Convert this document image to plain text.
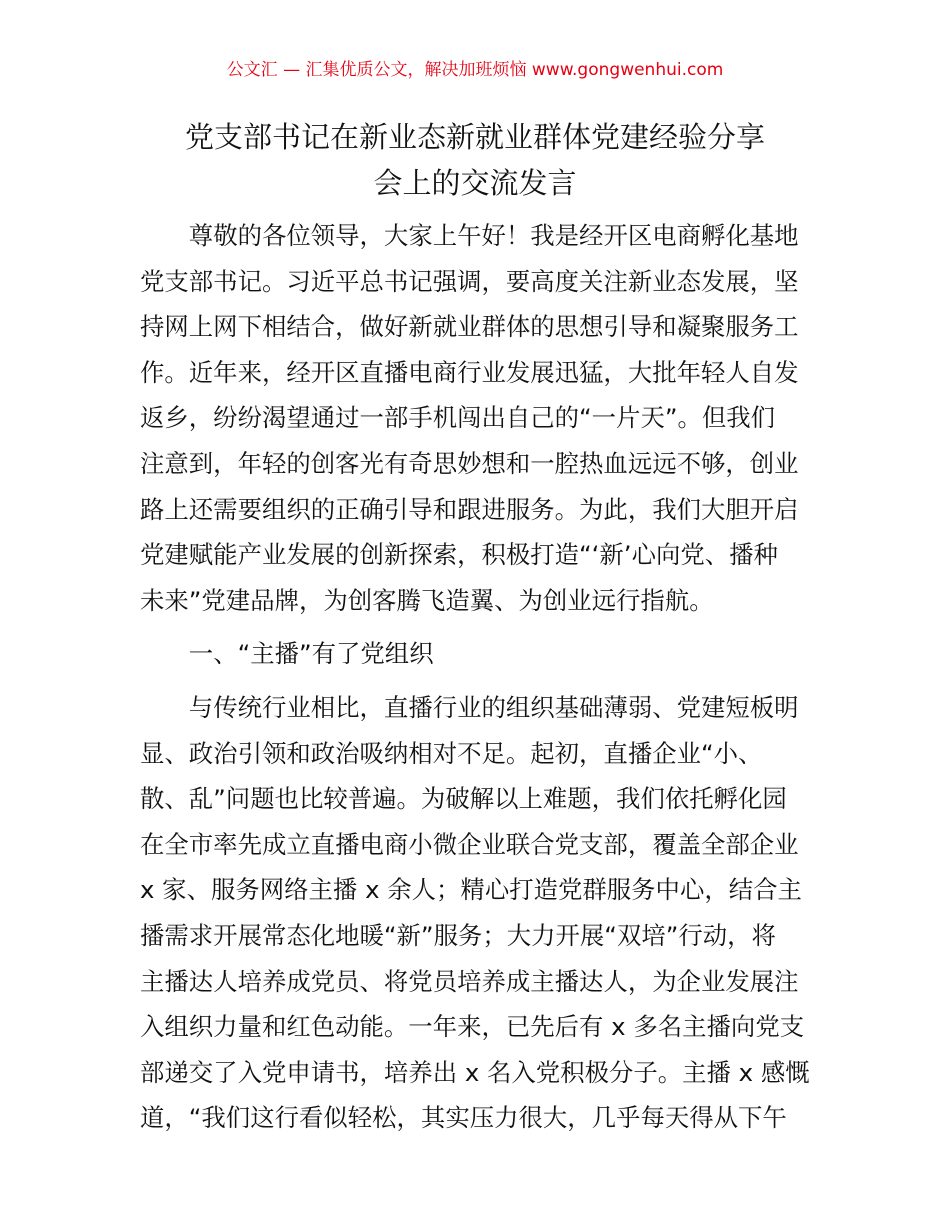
公文汇 — 汇集优质公文，解决加班烦恼 www.gongwenhui.com
党支部书记在新业态新就业群体党建经验分享
会上的交流发言

尊敬的各位领导，大家上午好！我是经开区电商孵化基地
党支部书记。习近平总书记强调，要高度关注新业态发展，坚
持网上网下相结合，做好新就业群体的思想引导和凝聚服务工
作。近年来，经开区直播电商行业发展迅猛，大批年轻人自发
返乡，纷纷渴望通过一部手机闯出自己的“一片天”。但我们
注意到，年轻的创客光有奇思妙想和一腔热血远远不够，创业
路上还需要组织的正确引导和跟进服务。为此，我们大胆开启
党建赋能产业发展的创新探索，积极打造“‘新’心向党、播种
未来”党建品牌，为创客腾飞造翼、为创业远行指航。

一、“主播”有了党组织

与传统行业相比，直播行业的组织基础薄弱、党建短板明
显、政治引领和政治吸纳相对不足。起初，直播企业“小、
散、乱”问题也比较普遍。为破解以上难题，我们依托孵化园
在全市率先成立直播电商小微企业联合党支部，覆盖全部企业
x 家、服务网络主播 x 余人；精心打造党群服务中心，结合主
播需求开展常态化地暖“新”服务；大力开展“双培”行动，将
主播达人培养成党员、将党员培养成主播达人，为企业发展注
入组织力量和红色动能。一年来，已先后有 x 多名主播向党支
部递交了入党申请书，培养出 x 名入党积极分子。主播 x 感慨
道，“我们这行看似轻松，其实压力很大，几乎每天得从下午
